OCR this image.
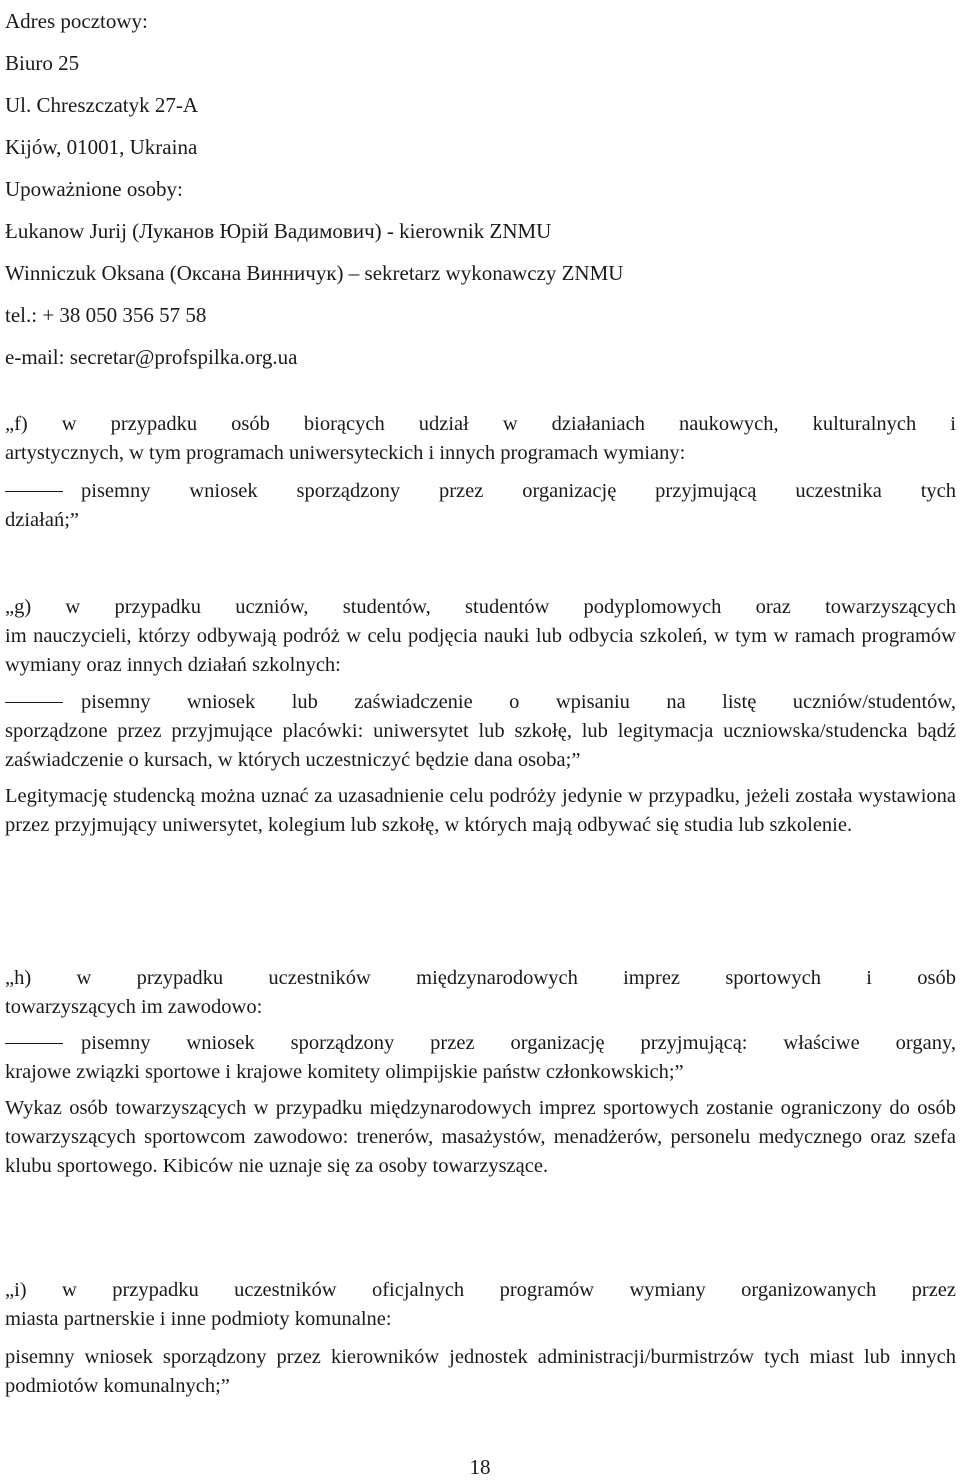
Adres pocztowy:
Biuro 25
Ul. Chreszczatyk 27-A
Kijów, 01001, Ukraina
Upoważnione osoby:
Łukanow Jurij (Луканов Юрій Вадимович) - kierownik ZNMU
Winniczuk Oksana (Оксана Винничук) – sekretarz wykonawczy ZNMU
tel.: + 38 050 356 57 58
e-mail: secretar@profspilka.org.ua

„f) w przypadku osób biorących udział w działaniach naukowych, kulturalnych i
artystycznych, w tym programach uniwersyteckich i innych programach wymiany:

pisemny wniosek sporządzony przez organizację przyjmującą uczestnika tych
działań;”

„g) w przypadku uczniów, studentów, studentów podyplomowych oraz towarzyszących
im nauczycieli, którzy odbywają podróż w celu podjęcia nauki lub odbycia szkoleń, w tym w ramach programów wymiany oraz innych działań szkolnych:

pisemny wniosek lub zaświadczenie o wpisaniu na listę uczniów/studentów,
sporządzone przez przyjmujące placówki: uniwersytet lub szkołę, lub legitymacja uczniowska/studencka bądź zaświadczenie o kursach, w których uczestniczyć będzie dana osoba;”

Legitymację studencką można uznać za uzasadnienie celu podróży jedynie w przypadku, jeżeli została wystawiona przez przyjmujący uniwersytet, kolegium lub szkołę, w których mają odbywać się studia lub szkolenie.

„h) w przypadku uczestników międzynarodowych imprez sportowych i osób
towarzyszących im zawodowo:

pisemny wniosek sporządzony przez organizację przyjmującą: właściwe organy,
krajowe związki sportowe i krajowe komitety olimpijskie państw członkowskich;”

Wykaz osób towarzyszących w przypadku międzynarodowych imprez sportowych zostanie ograniczony do osób towarzyszących sportowcom zawodowo: trenerów, masażystów, menadżerów, personelu medycznego oraz szefa klubu sportowego. Kibiców nie uznaje się za osoby towarzyszące.

„i) w przypadku uczestników oficjalnych programów wymiany organizowanych przez
miasta partnerskie i inne podmioty komunalne:

pisemny wniosek sporządzony przez kierowników jednostek administracji/burmistrzów tych miast lub innych podmiotów komunalnych;”

18
